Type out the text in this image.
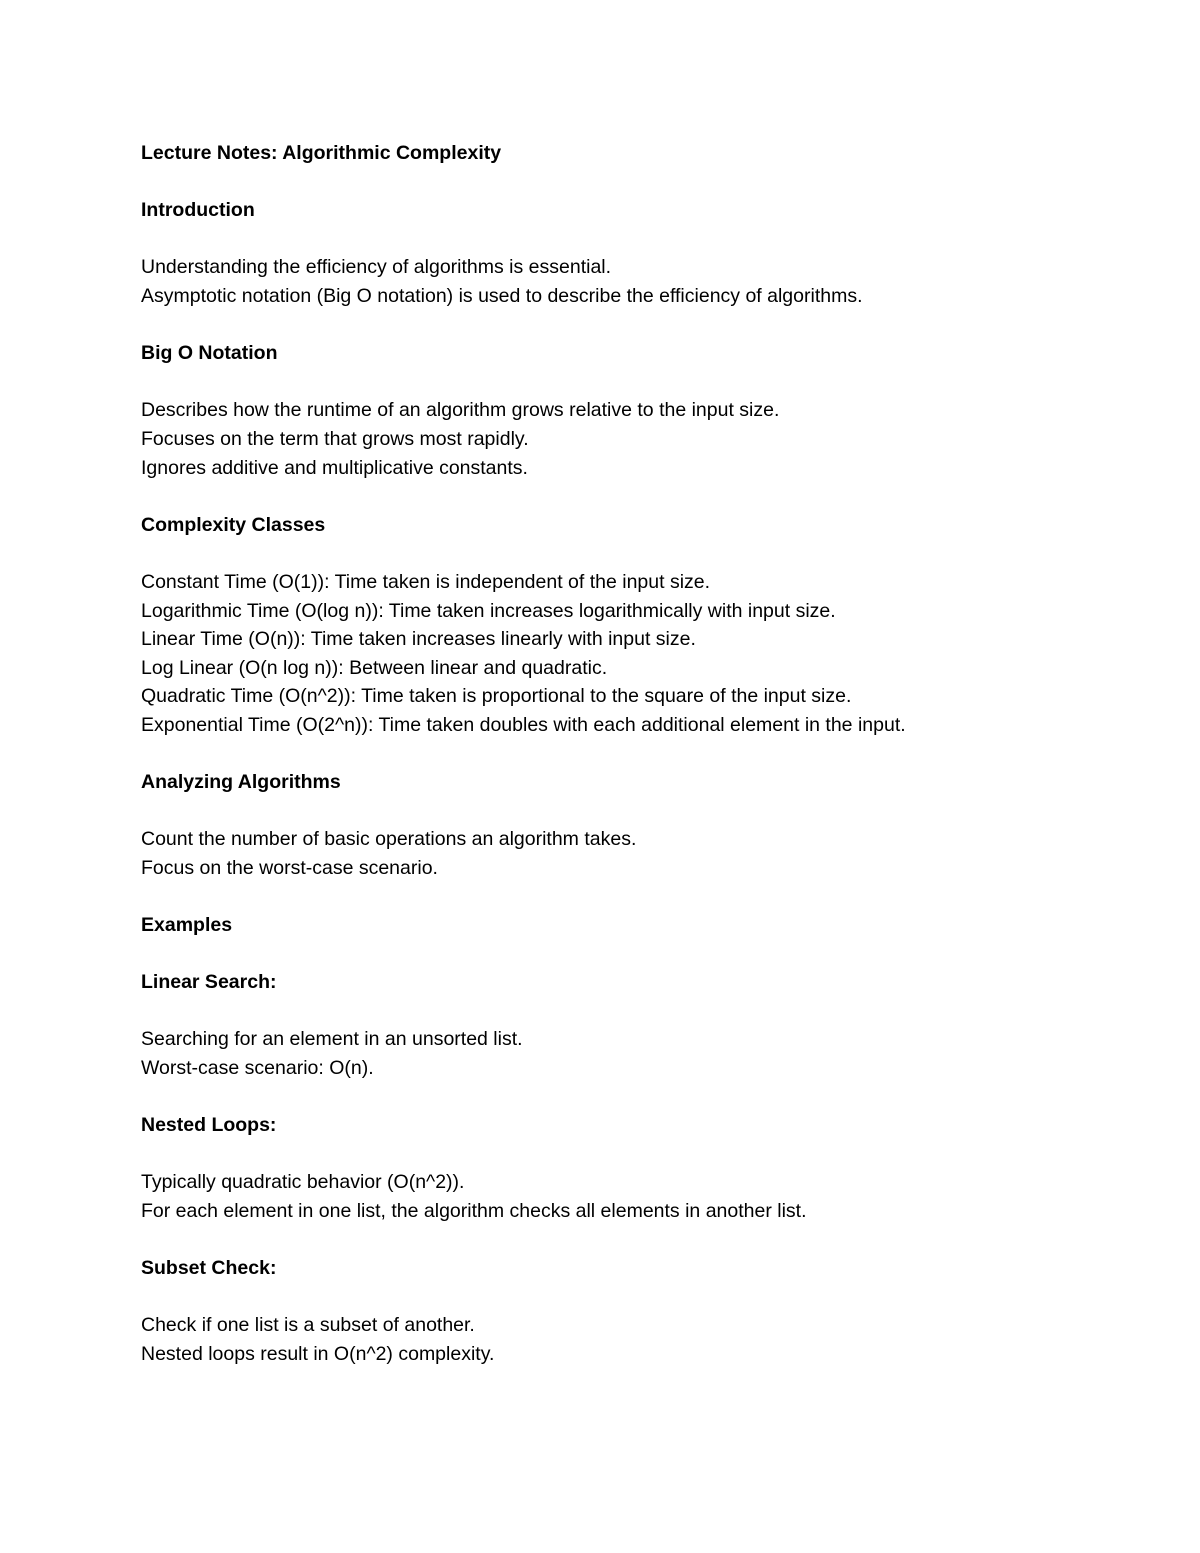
Lecture Notes: Algorithmic Complexity
Introduction
Understanding the efficiency of algorithms is essential.
Asymptotic notation (Big O notation) is used to describe the efficiency of algorithms.
Big O Notation
Describes how the runtime of an algorithm grows relative to the input size.
Focuses on the term that grows most rapidly.
Ignores additive and multiplicative constants.
Complexity Classes
Constant Time (O(1)): Time taken is independent of the input size.
Logarithmic Time (O(log n)): Time taken increases logarithmically with input size.
Linear Time (O(n)): Time taken increases linearly with input size.
Log Linear (O(n log n)): Between linear and quadratic.
Quadratic Time (O(n^2)): Time taken is proportional to the square of the input size.
Exponential Time (O(2^n)): Time taken doubles with each additional element in the input.
Analyzing Algorithms
Count the number of basic operations an algorithm takes.
Focus on the worst-case scenario.
Examples
Linear Search:
Searching for an element in an unsorted list.
Worst-case scenario: O(n).
Nested Loops:
Typically quadratic behavior (O(n^2)).
For each element in one list, the algorithm checks all elements in another list.
Subset Check:
Check if one list is a subset of another.
Nested loops result in O(n^2) complexity.
